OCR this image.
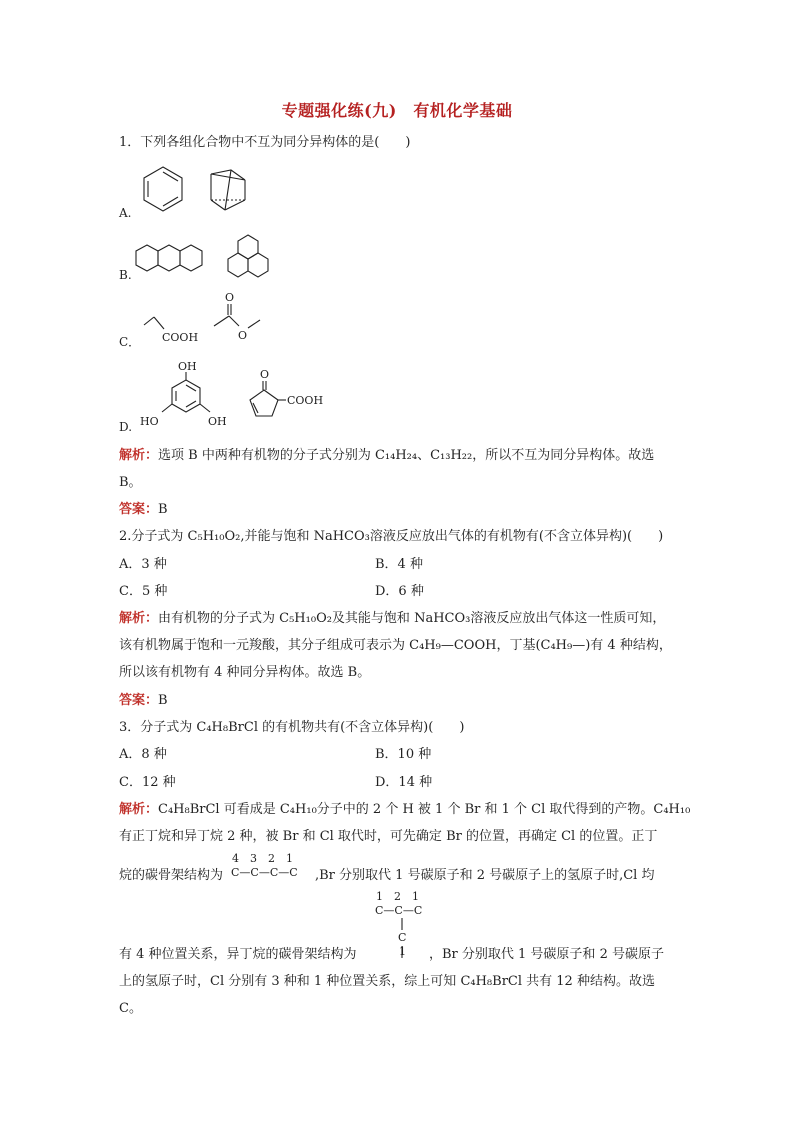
专题强化练(九)　有机化学基础
1．下列各组化合物中不互为同分异构体的是(　　)
A.
B.
C． COOH
O
O
D.
OH
HO	OH
O
COOH
解析：选项 B 中两种有机物的分子式分别为 C₁₄H₂₄、C₁₃H₂₂，所以不互为同分异构体。故选
B。
答案：B
2.分子式为 C₅H₁₀O₂,并能与饱和 NaHCO₃溶液反应放出气体的有机物有(不含立体异构)(　　)
A．3 种	B．4 种
C．5 种	D．6 种
解析：由有机物的分子式为 C₅H₁₀O₂及其能与饱和 NaHCO₃溶液反应放出气体这一性质可知，
该有机物属于饱和一元羧酸，其分子组成可表示为 C₄H₉—COOH，丁基(C₄H₉—)有 4 种结构，
所以该有机物有 4 种同分异构体。故选 B。
答案：B
3．分子式为 C₄H₈BrCl 的有机物共有(不含立体异构)(　　)
A．8 种	B．10 种
C．12 种	D．14 种
解析：C₄H₈BrCl 可看成是 C₄H₁₀分子中的 2 个 H 被 1 个 Br 和 1 个 Cl 取代得到的产物。C₄H₁₀
有正丁烷和异丁烷 2 种，被 Br 和 Cl 取代时，可先确定 Br 的位置，再确定 Cl 的位置。正丁
烷的碳骨架结构为
4  3  2  1
C—C—C—C ,Br 分别取代 1 号碳原子和 2 号碳原子上的氢原子时,Cl 均
1  2  1
C—C—C
C
1
有 4 种位置关系，异丁烷的碳骨架结构为	，Br 分别取代 1 号碳原子和 2 号碳原子
上的氢原子时，Cl 分别有 3 种和 1 种位置关系，综上可知 C₄H₈BrCl 共有 12 种结构。故选
C。
